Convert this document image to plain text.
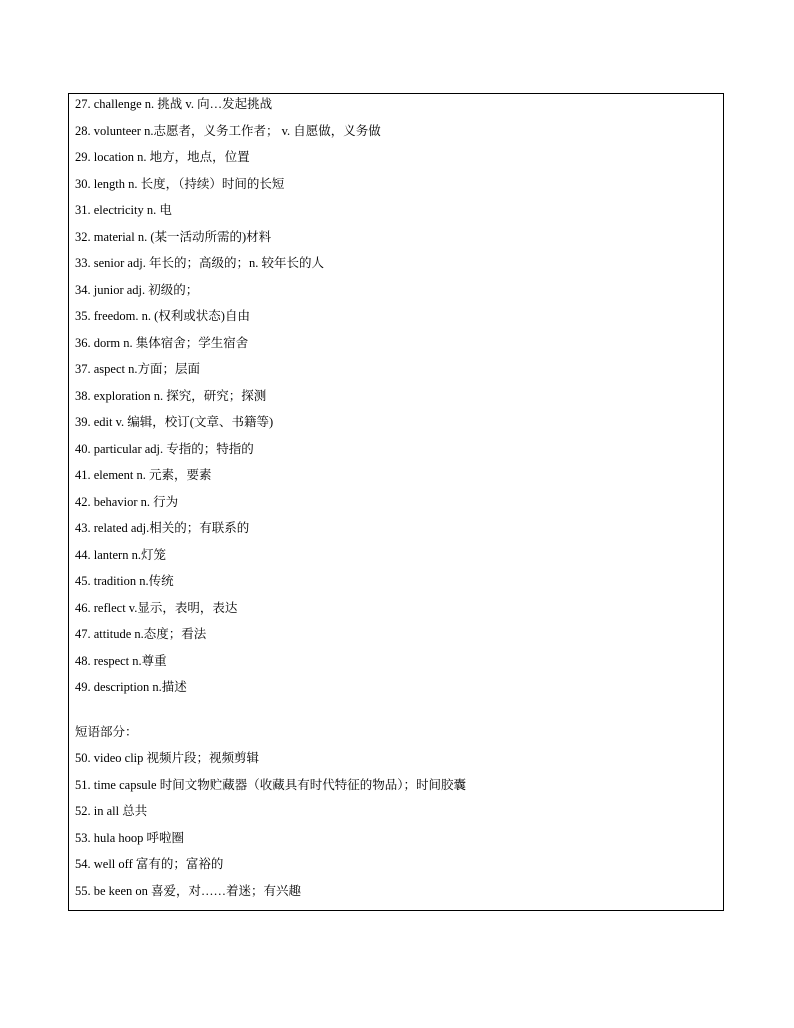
27. challenge n. 挑战 v. 向…发起挑战
28. volunteer n.志愿者，义务工作者； v. 自愿做，义务做
29. location n. 地方，地点，位置
30. length n. 长度，（持续）时间的长短
31. electricity n. 电
32. material n. (某一活动所需的)材料
33. senior adj. 年长的；高级的；n. 较年长的人
34. junior adj. 初级的；
35. freedom. n. (权利或状态)自由
36. dorm n. 集体宿舍；学生宿舍
37. aspect n.方面；层面
38. exploration n. 探究，研究；探测
39. edit v. 编辑，校订(文章、书籍等)
40. particular adj. 专指的；特指的
41. element n. 元素，要素
42. behavior n. 行为
43. related adj.相关的；有联系的
44. lantern n.灯笼
45. tradition n.传统
46. reflect v.显示，表明，表达
47. attitude n.态度；看法
48. respect n.尊重
49. description n.描述
短语部分：
50. video clip 视频片段；视频剪辑
51. time capsule 时间文物贮藏器（收藏具有时代特征的物品）；时间胶囊
52. in all 总共
53. hula hoop 呼啦圈
54. well off 富有的；富裕的
55. be keen on 喜爱，对……着迷；有兴趣
